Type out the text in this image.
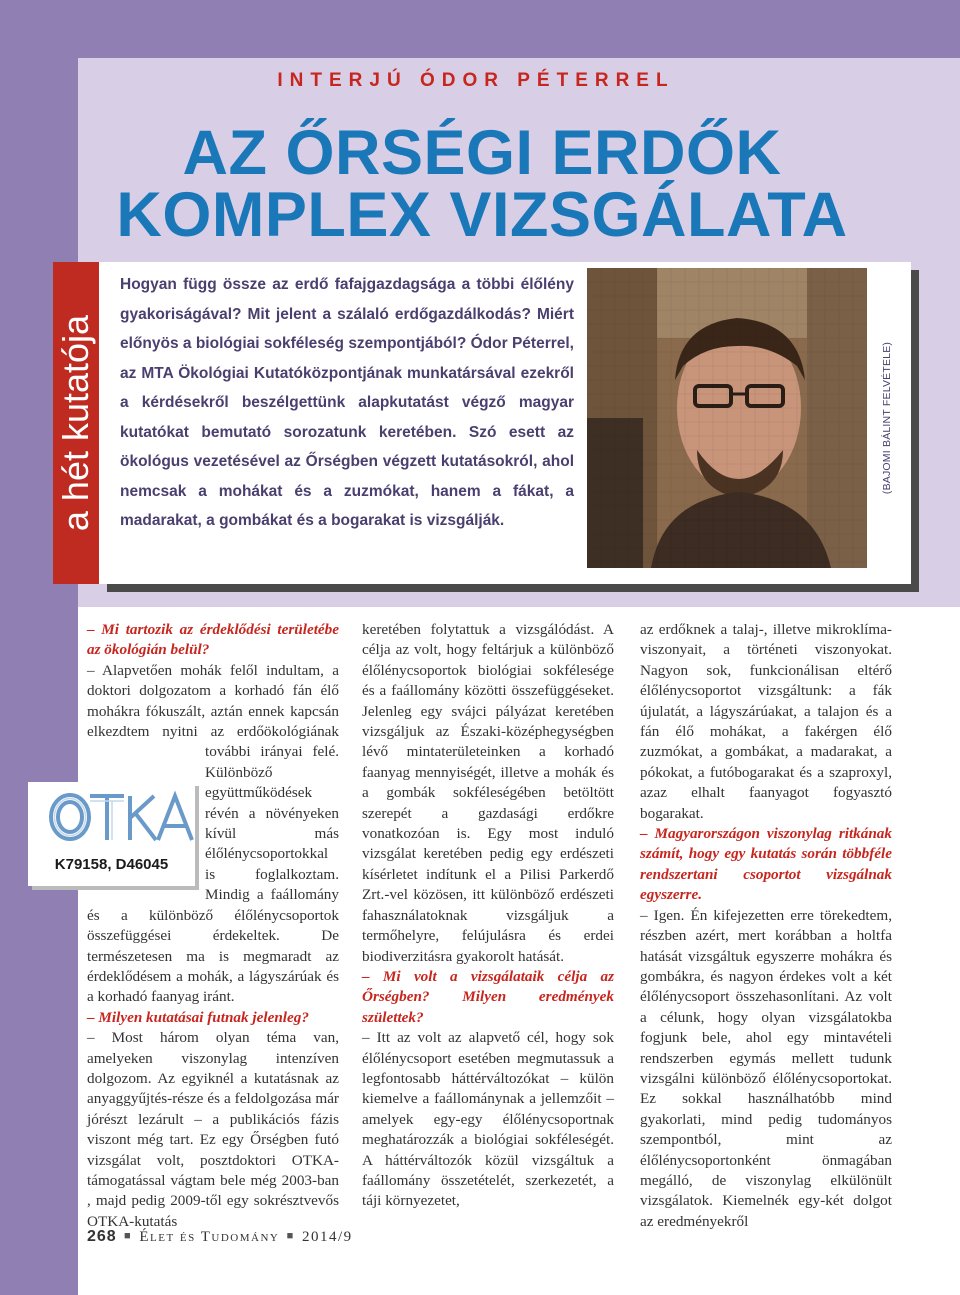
INTERJÚ ÓDOR PÉTERREL
AZ ŐRSÉGI ERDŐK
KOMPLEX VIZSGÁLATA
a hét kutatója

Hogyan függ össze az erdő fafajgazdagsága a többi élőlény gyakoriságával? Mit jelent a szálaló erdőgazdálkodás? Miért előnyös a biológiai sokféleség szempontjából? Ódor Péterrel, az MTA Ökológiai Kutatóközpontjának munkatársával ezekről a kérdésekről beszélgettünk alapkutatást végző magyar kutatókat bemutató sorozatunk keretében. Szó esett az ökológus vezetésével az Őrségben végzett kutatásokról, ahol nemcsak a mohákat és a zuzmókat, hanem a fákat, a madarakat, a gombákat és a bogarakat is vizsgálják.

(BAJOMI BÁLINT FELVÉTELE)

– Mi tartozik az érdeklődési területébe az ökológián belül?

– Alapvetően mohák felől indultam, a doktori dolgozatom a korhadó fán élő mohákra fókuszált, aztán ennek kapcsán elkezdtem nyitni az erdőökológiának további irányai felé. Különböző együttműködések révén a növényeken kívül más élőlénycsoportokkal is foglalkoztam. Mindig a faállomány és a különböző élőlénycsoportok összefüggései érdekeltek. De természetesen ma is megmaradt az érdeklődésem a mohák, a lágyszárúak és a korhadó faanyag iránt.

– Milyen kutatásai futnak jelenleg?

– Most három olyan téma van, amelyeken viszonylag intenzíven dolgozom. Az egyiknél a kutatásnak az anyaggyűjtés-része és a feldolgozása már jórészt lezárult – a publikációs fázis viszont még tart. Ez egy Őrségben futó vizsgálat volt, posztdoktori OTKA-támogatással vágtam bele még 2003-ban , majd pedig 2009-től egy sokrésztvevős OTKA-kutatás

K79158, D46045

keretében folytattuk a vizsgálódást. A célja az volt, hogy feltárjuk a különböző élőlénycsoportok biológiai sokfélesége és a faállomány közötti összefüggéseket. Jelenleg egy svájci pályázat keretében vizsgáljuk az Északi-középhegységben lévő mintaterületeinken a korhadó faanyag mennyiségét, illetve a mohák és a gombák sokféleségében betöltött szerepét a gazdasági erdőkre vonatkozóan is. Egy most induló vizsgálat keretében pedig egy erdészeti kísérletet indítunk el a Pilisi Parkerdő Zrt.-vel közösen, itt különböző erdészeti fahasználatoknak vizsgáljuk a termőhelyre, felújulásra és erdei biodiverzitásra gyakorolt hatását.

– Mi volt a vizsgálataik célja az Őrségben? Milyen eredmények születtek?

– Itt az volt az alapvető cél, hogy sok élőlénycsoport esetében megmutassuk a legfontosabb háttérváltozókat – külön kiemelve a faállománynak a jellemzőit – amelyek egy-egy élőlénycsoportnak meghatározzák a biológiai sokféleségét. A háttérváltozók közül vizsgáltuk a faállomány összetételét, szerkezetét, a táji környezetet,

az erdőknek a talaj-, illetve mikroklíma-viszonyait, a történeti viszonyokat. Nagyon sok, funkcionálisan eltérő élőlénycsoportot vizsgáltunk: a fák újulatát, a lágyszárúakat, a talajon és a fán élő mohákat, a fakérgen élő zuzmókat, a gombákat, a madarakat, a pókokat, a futóbogarakat és a szaproxyl, azaz elhalt faanyagot fogyasztó bogarakat.

– Magyarországon viszonylag ritkának számít, hogy egy kutatás során többféle rendszertani csoportot vizsgálnak egyszerre.

– Igen. Én kifejezetten erre törekedtem, részben azért, mert korábban a holtfa hatását vizsgáltuk egyszerre mohákra és gombákra, és nagyon érdekes volt a két élőlénycsoport összehasonlítani. Az volt a célunk, hogy olyan vizsgálatokba fogjunk bele, ahol egy mintavételi rendszerben egymás mellett tudunk vizsgálni különböző élőlénycsoportokat. Ez sokkal használhatóbb mind gyakorlati, mind pedig tudományos szempontból, mint az élőlénycsoportonként önmagában megálló, de viszonylag elkülönült vizsgálatok. Kiemelnék egy-két dolgot az eredményekről

268 ■ Élet és Tudomány ■ 2014/9
